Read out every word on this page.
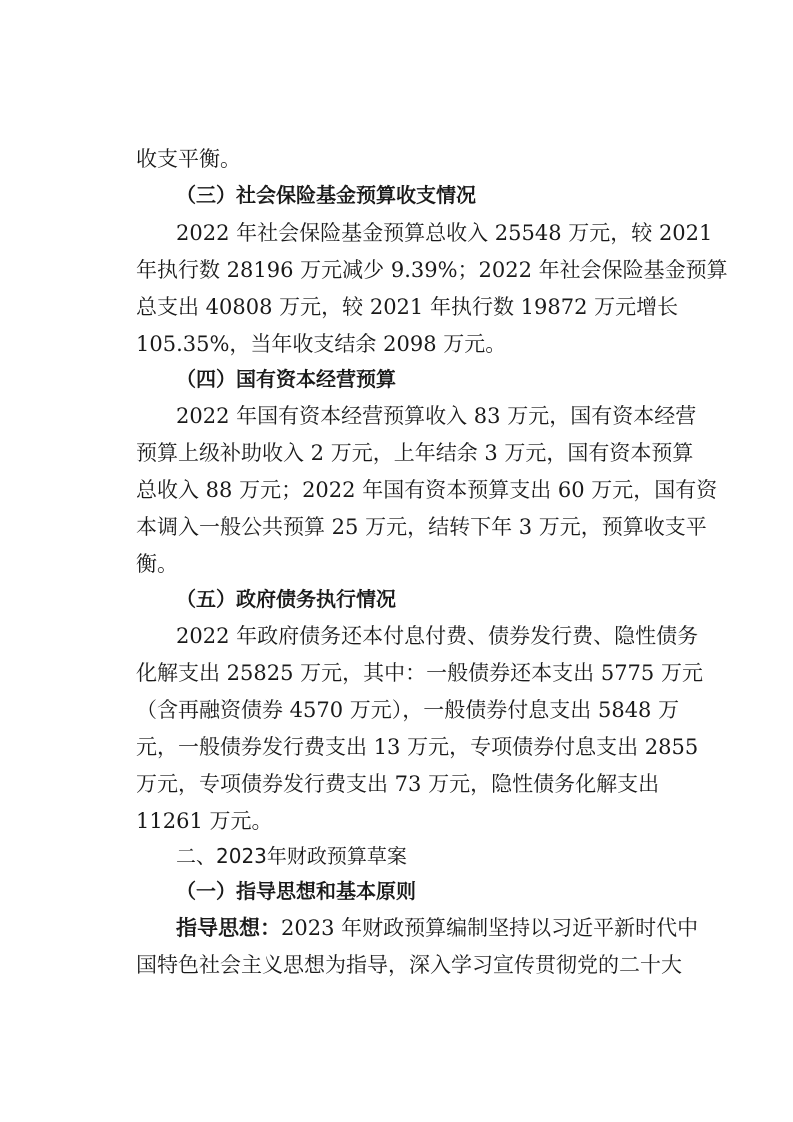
收支平衡。
（三）社会保险基金预算收支情况
2022 年社会保险基金预算总收入 25548 万元，较 2021
年执行数 28196 万元减少 9.39%；2022 年社会保险基金预算
总支出 40808 万元，较 2021 年执行数 19872 万元增长
105.35%，当年收支结余 2098 万元。
（四）国有资本经营预算
2022 年国有资本经营预算收入 83 万元，国有资本经营
预算上级补助收入 2 万元，上年结余 3 万元，国有资本预算
总收入 88 万元；2022 年国有资本预算支出 60 万元，国有资
本调入一般公共预算 25 万元，结转下年 3 万元，预算收支平
衡。
（五）政府债务执行情况
2022 年政府债务还本付息付费、债券发行费、隐性债务
化解支出 25825 万元，其中：一般债券还本支出 5775 万元
（含再融资债券 4570 万元），一般债券付息支出 5848 万
元，一般债券发行费支出 13 万元，专项债券付息支出 2855
万元，专项债券发行费支出 73 万元，隐性债务化解支出
11261 万元。
二、2023年财政预算草案
（一）指导思想和基本原则
指导思想：2023 年财政预算编制坚持以习近平新时代中
国特色社会主义思想为指导，深入学习宣传贯彻党的二十大
